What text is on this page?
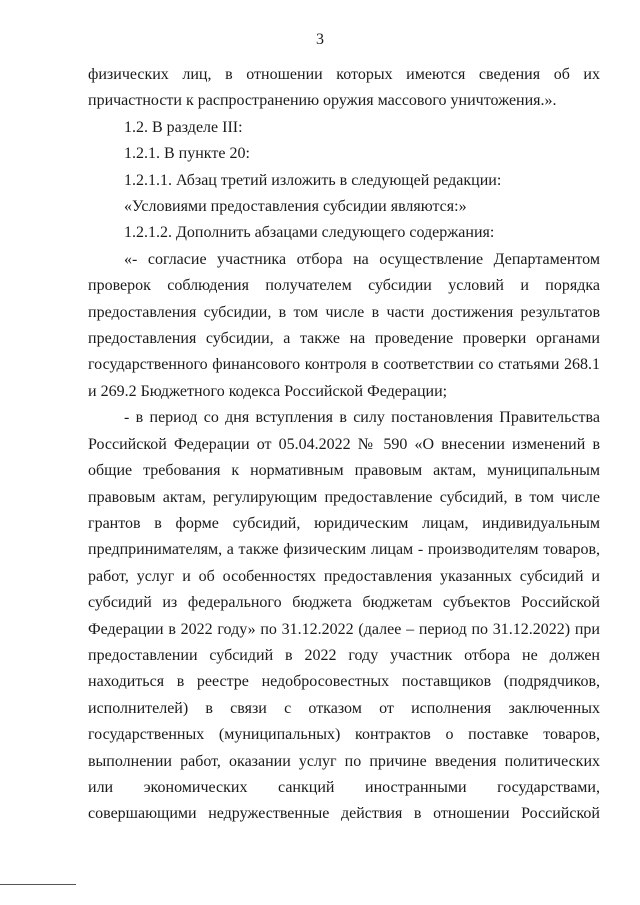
3

физических лиц, в отношении которых имеются сведения об их причастности к распространению оружия массового уничтожения.».

1.2. В разделе III:

1.2.1. В пункте 20:

1.2.1.1. Абзац третий изложить в следующей редакции:

«Условиями предоставления субсидии являются:»

1.2.1.2. Дополнить абзацами следующего содержания:

«- согласие участника отбора на осуществление Департаментом проверок соблюдения получателем субсидии условий и порядка предоставления субсидии, в том числе в части достижения результатов предоставления субсидии, а также на проведение проверки органами государственного финансового контроля в соответствии со статьями 268.1 и 269.2 Бюджетного кодекса Российской Федерации;

- в период со дня вступления в силу постановления Правительства Российской Федерации от 05.04.2022 № 590 «О внесении изменений в общие требования к нормативным правовым актам, муниципальным правовым актам, регулирующим предоставление субсидий, в том числе грантов в форме субсидий, юридическим лицам, индивидуальным предпринимателям, а также физическим лицам - производителям товаров, работ, услуг и об особенностях предоставления указанных субсидий и субсидий из федерального бюджета бюджетам субъектов Российской Федерации в 2022 году» по 31.12.2022 (далее – период по 31.12.2022) при предоставлении субсидий в 2022 году участник отбора не должен находиться в реестре недобросовестных поставщиков (подрядчиков, исполнителей) в связи с отказом от исполнения заключенных государственных (муниципальных) контрактов о поставке товаров, выполнении работ, оказании услуг по причине введения политических или экономических санкций иностранными государствами, совершающими недружественные действия в отношении Российской
